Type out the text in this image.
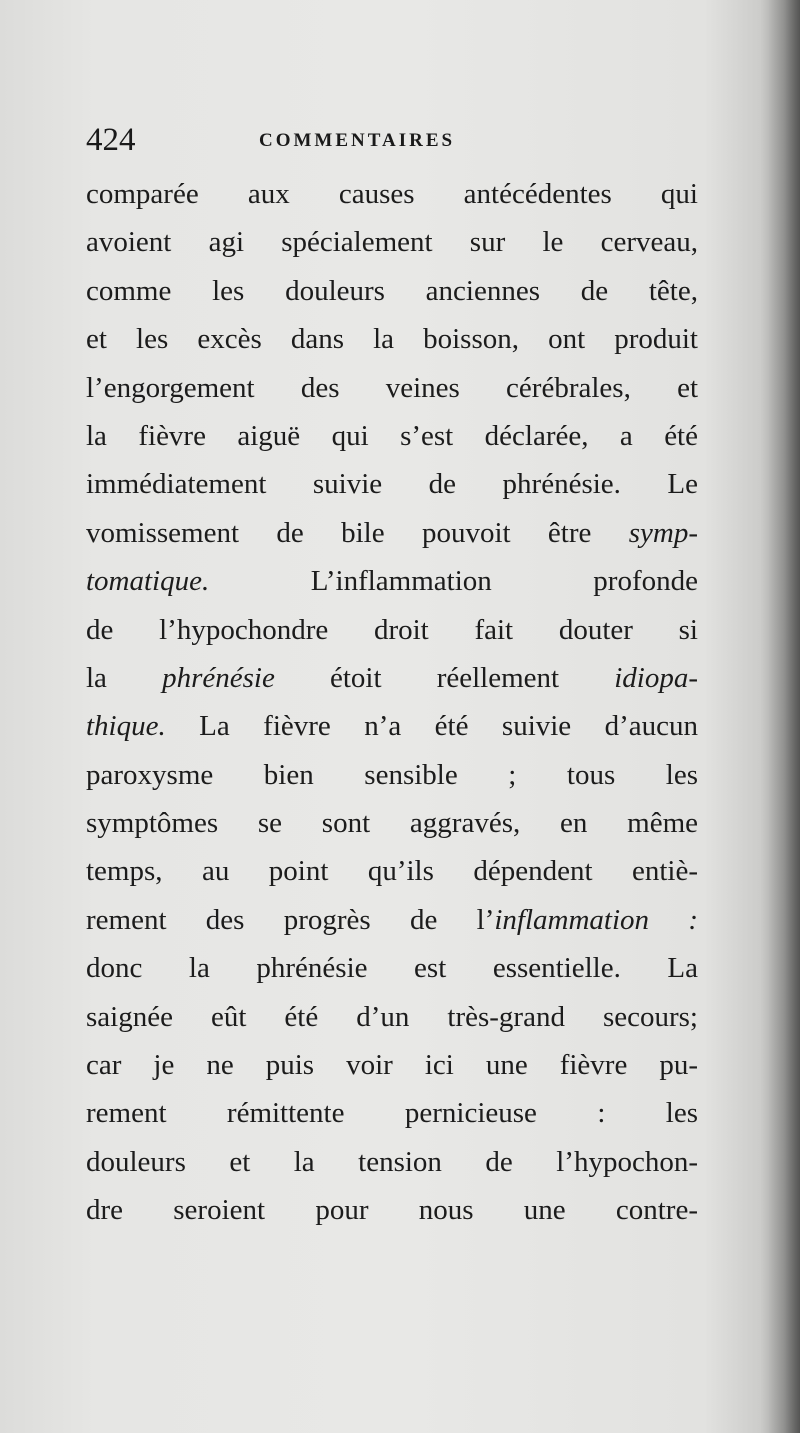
424	COMMENTAIRES
comparée aux causes antécédentes qui
avoient agi spécialement sur le cerveau,
comme les douleurs anciennes de tête,
et les excès dans la boisson, ont produit
l’engorgement des veines cérébrales, et
la fièvre aiguë qui s’est déclarée, a été
immédiatement suivie de phrénésie. Le
vomissement de bile pouvoit être symp-
tomatique. L’inflammation profonde
de l’hypochondre droit fait douter si
la phrénésie étoit réellement idiopa-
thique. La fièvre n’a été suivie d’aucun
paroxysme bien sensible ; tous les
symptômes se sont aggravés, en même
temps, au point qu’ils dépendent entiè-
rement des progrès de l’inflammation :
donc la phrénésie est essentielle. La
saignée eût été d’un très-grand secours;
car je ne puis voir ici une fièvre pu-
rement rémittente pernicieuse : les
douleurs et la tension de l’hypochon-
dre seroient pour nous une contre-
